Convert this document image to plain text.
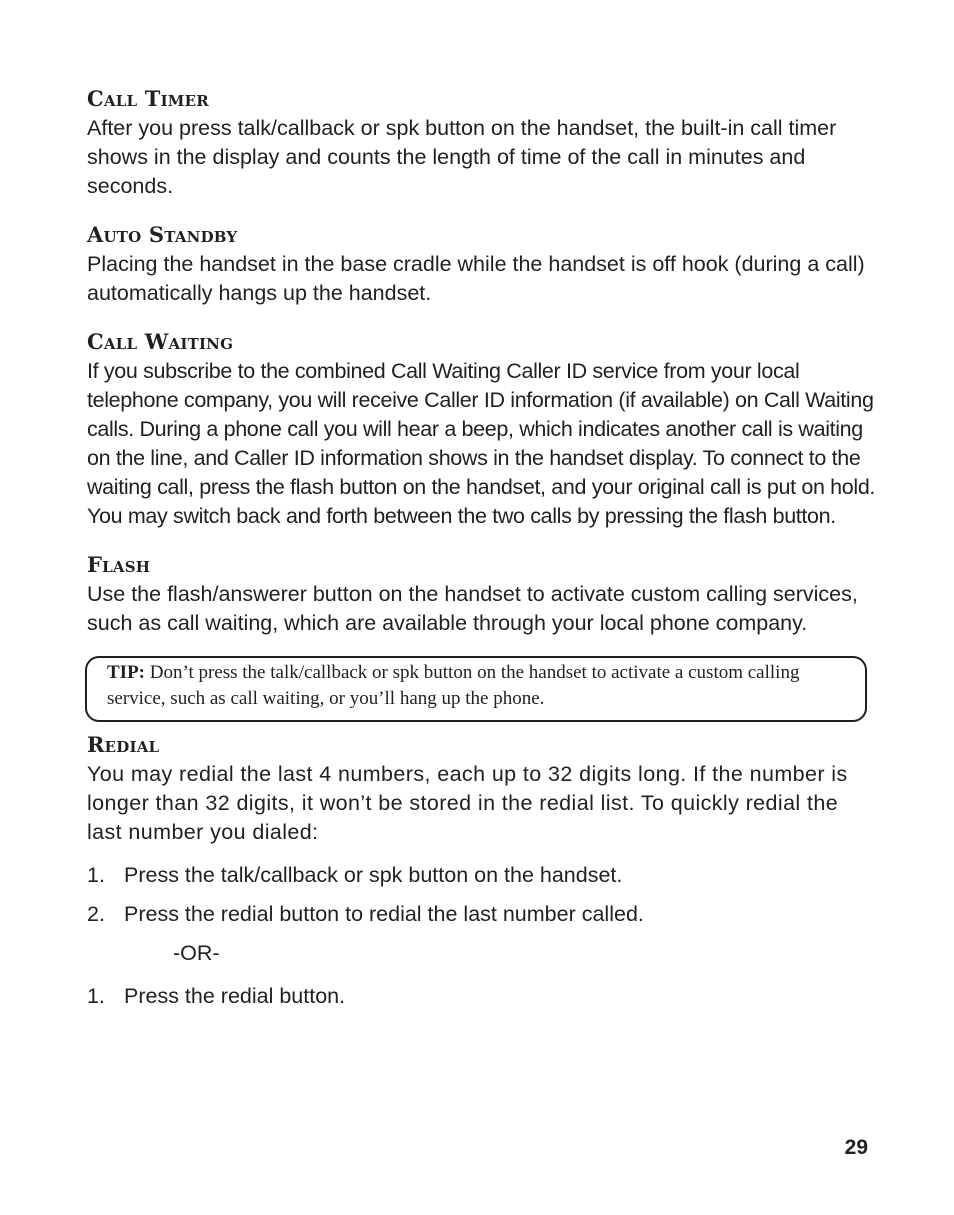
Call Timer

After you press talk/callback or spk button on the handset, the built-in call timer shows in the display and counts the length of time of the call in minutes and seconds.

Auto Standby

Placing the handset in the base cradle while the handset is off hook (during a call) automatically hangs up the handset.

Call Waiting

If you subscribe to the combined Call Waiting Caller ID service from your local telephone company, you will receive Caller ID information (if available) on Call Waiting calls. During a phone call you will hear a beep, which indicates another call is waiting on the line, and Caller ID information shows in the handset display. To connect to the waiting call, press the flash button on the handset, and your original call is put on hold. You may switch back and forth between the two calls by pressing the flash button.

Flash

Use the flash/answerer button on the handset to activate custom calling services, such as call waiting, which are available through your local phone company.

TIP: Don’t press the talk/callback or spk button on the handset to activate a custom calling service, such as call waiting, or you’ll hang up the phone.
Redial

You may redial the last 4 numbers, each up to 32 digits long. If the number is longer than 32 digits, it won’t be stored in the redial list. To quickly redial the last number you dialed:

1. Press the talk/callback or spk button on the handset.
2. Press the redial button to redial the last number called.
-OR-
1. Press the redial button.
29
